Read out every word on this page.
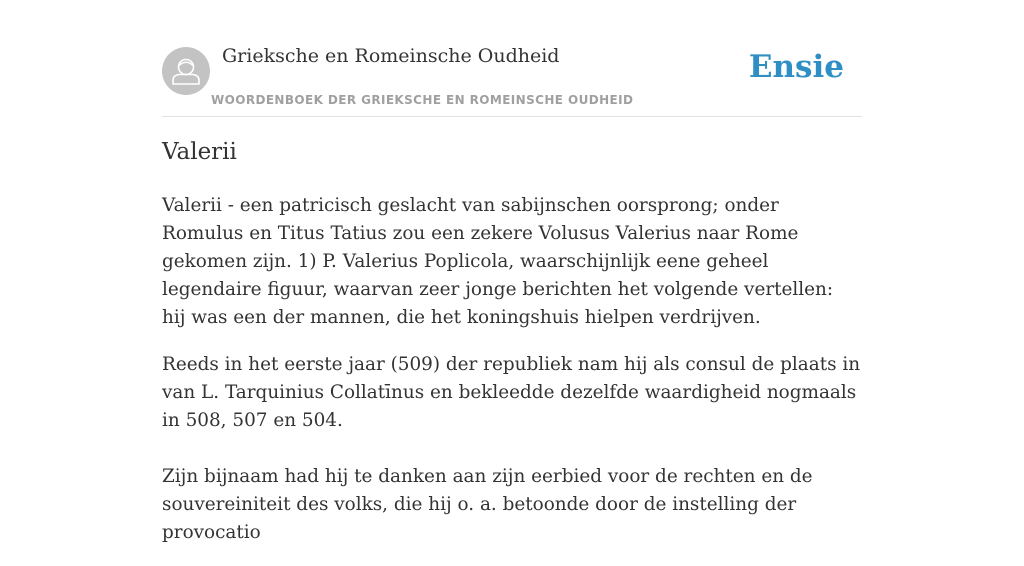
Grieksche en Romeinsche Oudheid
WOORDENBOEK DER GRIEKSCHE EN ROMEINSCHE OUDHEID
Ensie
Valerii

Valerii - een patricisch geslacht van sabijnschen oorsprong; onder Romulus en Titus Tatius zou een zekere Volusus Valerius naar Rome gekomen zijn. 1) P. Valerius Poplicola, waarschijnlijk eene geheel legendaire figuur, waarvan zeer jonge berichten het volgende vertellen: hij was een der mannen, die het koningshuis hielpen verdrijven.

Reeds in het eerste jaar (509) der republiek nam hij als consul de plaats in van L. Tarquinius Collatīnus en bekleedde dezelfde waardigheid nogmaals in 508, 507 en 504.

Zijn bijnaam had hij te danken aan zijn eerbied voor de rechten en de souvereiniteit des volks, die hij o. a. betoonde door de instelling der provocatio
